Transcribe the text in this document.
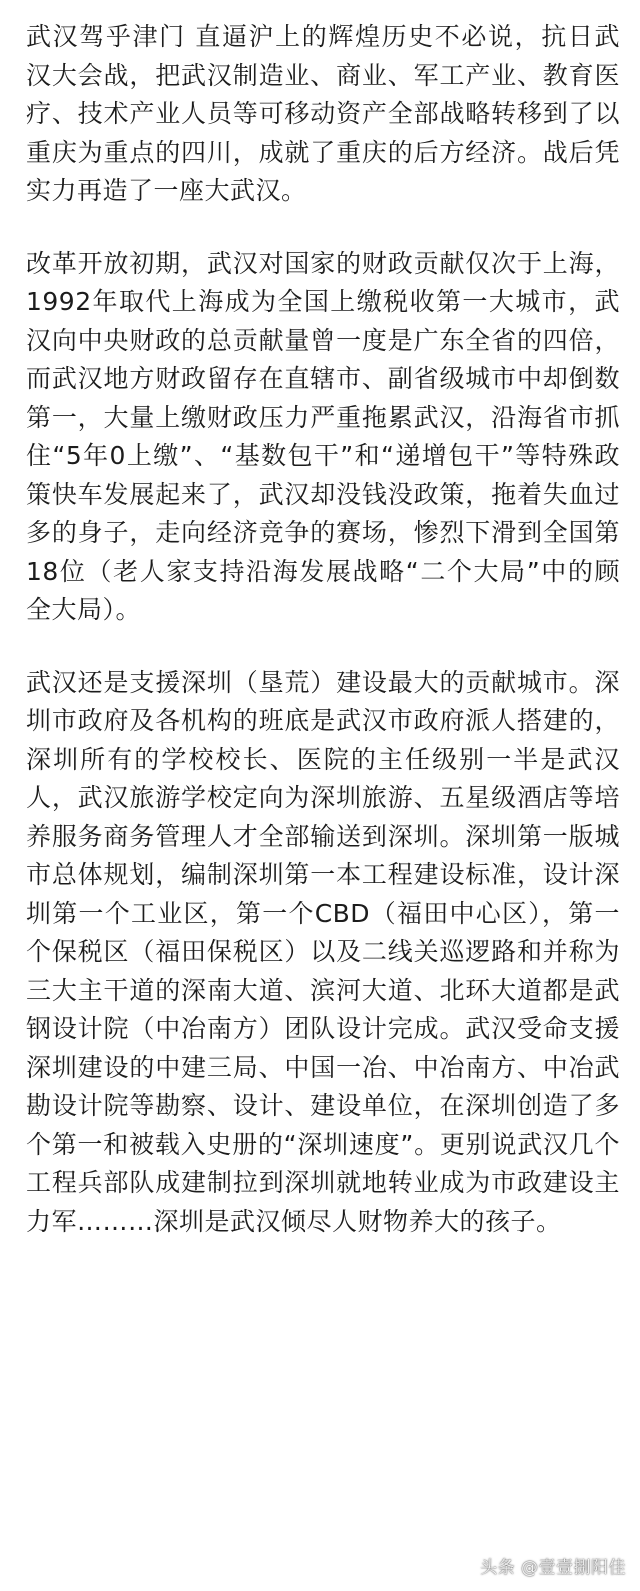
武汉驾乎津门 直逼沪上的辉煌历史不必说，抗日武汉大会战，把武汉制造业、商业、军工产业、教育医疗、技术产业人员等可移动资产全部战略转移到了以重庆为重点的四川，成就了重庆的后方经济。战后凭实力再造了一座大武汉。

改革开放初期，武汉对国家的财政贡献仅次于上海，1992年取代上海成为全国上缴税收第一大城市，武汉向中央财政的总贡献量曾一度是广东全省的四倍，而武汉地方财政留存在直辖市、副省级城市中却倒数第一，大量上缴财政压力严重拖累武汉，沿海省市抓住“5年0上缴”、“基数包干”和“递增包干”等特殊政策快车发展起来了，武汉却没钱没政策，拖着失血过多的身子，走向经济竞争的赛场，惨烈下滑到全国第18位（老人家支持沿海发展战略“二个大局”中的顾全大局）。

武汉还是支援深圳（垦荒）建设最大的贡献城市。深圳市政府及各机构的班底是武汉市政府派人搭建的，深圳所有的学校校长、医院的主任级别一半是武汉人，武汉旅游学校定向为深圳旅游、五星级酒店等培养服务商务管理人才全部输送到深圳。深圳第一版城市总体规划，编制深圳第一本工程建设标准，设计深圳第一个工业区，第一个CBD（福田中心区），第一个保税区（福田保税区）以及二线关巡逻路和并称为三大主干道的深南大道、滨河大道、北环大道都是武钢设计院（中冶南方）团队设计完成。武汉受命支援深圳建设的中建三局、中国一冶、中冶南方、中冶武勘设计院等勘察、设计、建设单位，在深圳创造了多个第一和被载入史册的“深圳速度”。更别说武汉几个工程兵部队成建制拉到深圳就地转业成为市政建设主力军………深圳是武汉倾尽人财物养大的孩子。

头条 @壹壹捌阳佳
